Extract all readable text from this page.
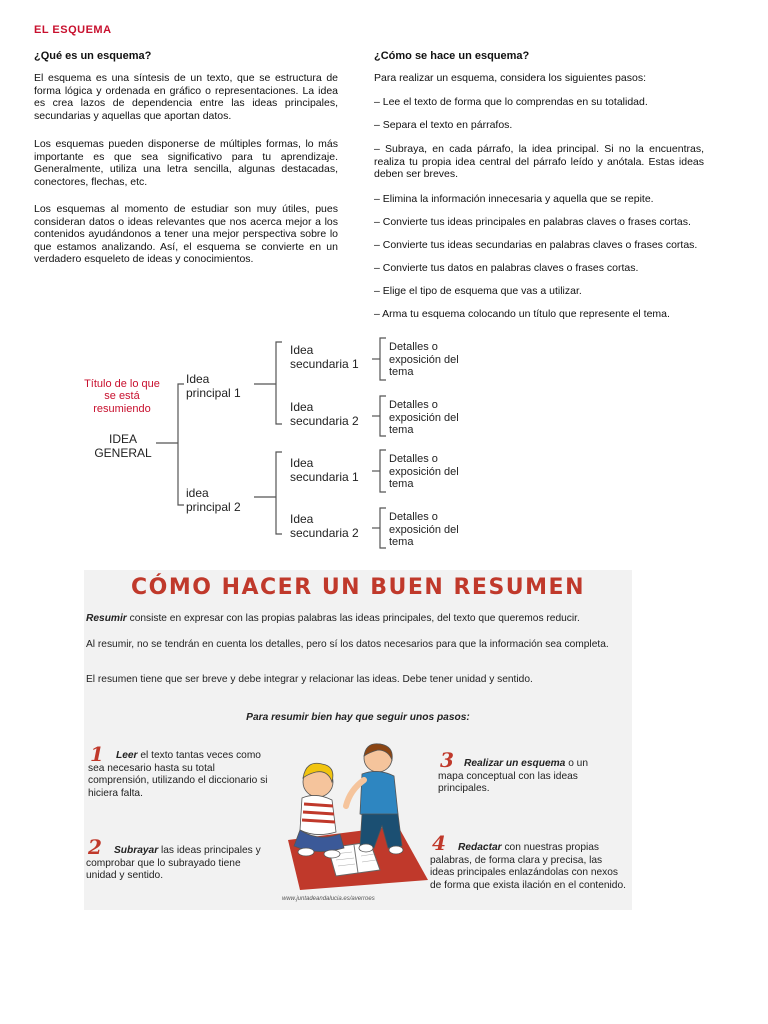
EL ESQUEMA
¿Qué es un esquema?
El esquema es una síntesis de un texto, que se estructura de forma lógica y ordenada en gráfico o representaciones. La idea es crea lazos de dependencia entre las ideas principales, secundarias y aquellas que aportan datos.
Los esquemas pueden disponerse de múltiples formas, lo más importante es que sea significativo para tu aprendizaje. Generalmente, utiliza una letra sencilla, algunas destacadas, conectores, flechas, etc.
Los esquemas al momento de estudiar son muy útiles, pues consideran datos o ideas relevantes que nos acerca mejor a los contenidos ayudándonos a tener una mejor perspectiva sobre lo que estamos analizando. Así, el esquema se convierte en un verdadero esqueleto de ideas y conocimientos.
¿Cómo se hace un esquema?
Para realizar un esquema, considera los siguientes pasos:
– Lee el texto de forma que lo comprendas en su totalidad.
– Separa el texto en párrafos.
– Subraya, en cada párrafo, la idea principal. Si no la encuentras, realiza tu propia idea central del párrafo leído y anótala. Estas ideas deben ser breves.
– Elimina la información innecesaria y aquella que se repite.
– Convierte tus ideas principales en palabras claves o frases cortas.
– Convierte tus ideas secundarias en palabras claves o frases cortas.
– Convierte tus datos en palabras claves o frases cortas.
– Elige el tipo de esquema que vas a utilizar.
– Arma tu esquema colocando un título que represente el tema.
Título de lo que se está resumiendo
IDEA GENERAL
Idea principal 1
idea principal 2
Idea secundaria 1
Idea secundaria 2
Idea secundaria 1
Idea secundaria 2
Detalles o exposición del tema
Detalles o exposición del tema
Detalles o exposición del tema
Detalles o exposición del tema
CÓMO HACER UN BUEN RESUMEN
Resumir consiste en expresar con las propias palabras las ideas principales, del texto que queremos reducir.
Al resumir, no se tendrán en cuenta los detalles, pero sí los datos necesarios para que la información sea completa.
El resumen tiene que ser breve y debe integrar y relacionar las ideas. Debe tener unidad y sentido.
Para resumir bien hay que seguir unos pasos:
1	Leer el texto tantas veces como sea necesario hasta su total comprensión, utilizando el diccionario si hiciera falta.
2	Subrayar las ideas principales y comprobar que lo subrayado tiene unidad y sentido.
3 Realizar un esquema o un mapa conceptual con las ideas principales.
4	Redactar con nuestras propias palabras, de forma clara y precisa, las ideas principales enlazándolas con nexos de forma que exista ilación en el contenido.
www.juntadeandalucia.es/averroes
